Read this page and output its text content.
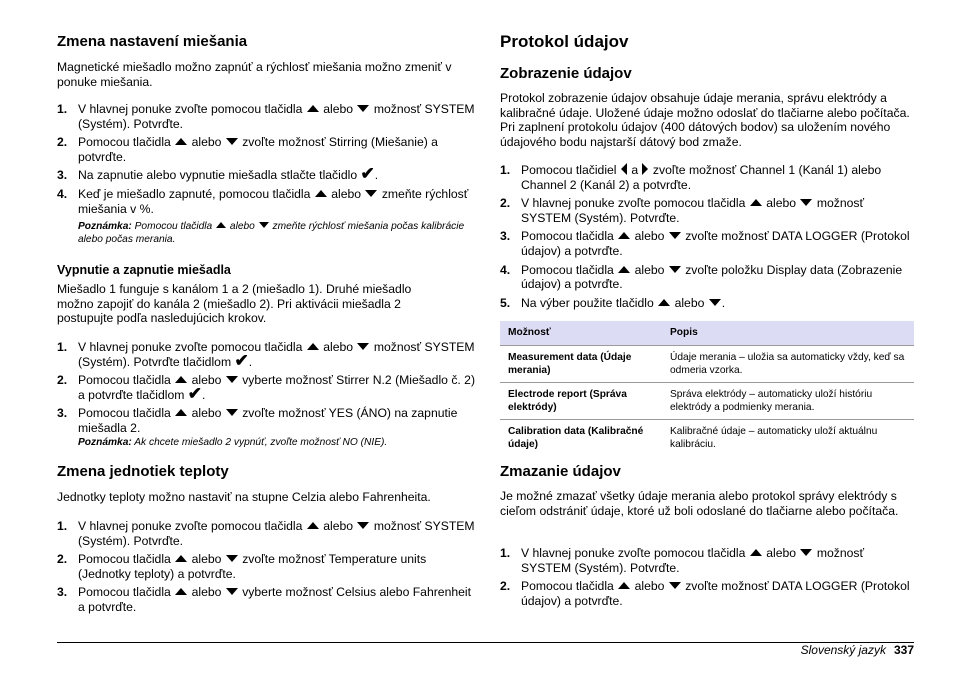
Zmena nastavení miešania

Magnetické miešadlo možno zapnúť a rýchlosť miešania možno zmeniť v ponuke miešania.

1. V hlavnej ponuke zvoľte pomocou tlačidla alebo možnosť SYSTEM (Systém). Potvrďte.
2. Pomocou tlačidla alebo zvoľte možnosť Stirring (Miešanie) a potvrďte.
3. Na zapnutie alebo vypnutie miešadla stlačte tlačidlo ✔.
4. Keď je miešadlo zapnuté, pomocou tlačidla alebo zmeňte rýchlosť miešania v %.
Poznámka: Pomocou tlačidla alebo zmeňte rýchlosť miešania počas kalibrácie alebo počas merania.
Vypnutie a zapnutie miešadla

Miešadlo 1 funguje s kanálom 1 a 2 (miešadlo 1). Druhé miešadlo možno zapojiť do kanála 2 (miešadlo 2). Pri aktivácii miešadla 2 postupujte podľa nasledujúcich krokov.

1. V hlavnej ponuke zvoľte pomocou tlačidla alebo možnosť SYSTEM (Systém). Potvrďte tlačidlom ✔.
2. Pomocou tlačidla alebo vyberte možnosť Stirrer N.2 (Miešadlo č. 2) a potvrďte tlačidlom ✔.
3. Pomocou tlačidla alebo zvoľte možnosť YES (ÁNO) na zapnutie miešadla 2.
Poznámka: Ak chcete miešadlo 2 vypnúť, zvoľte možnosť NO (NIE).
Zmena jednotiek teploty

Jednotky teploty možno nastaviť na stupne Celzia alebo Fahrenheita.

1. V hlavnej ponuke zvoľte pomocou tlačidla alebo možnosť SYSTEM (Systém). Potvrďte.
2. Pomocou tlačidla alebo zvoľte možnosť Temperature units (Jednotky teploty) a potvrďte.
3. Pomocou tlačidla alebo vyberte možnosť Celsius alebo Fahrenheit a potvrďte.
Protokol údajov
Zobrazenie údajov

Protokol zobrazenie údajov obsahuje údaje merania, správu elektródy a kalibračné údaje. Uložené údaje možno odoslať do tlačiarne alebo počítača. Pri zaplnení protokolu údajov (400 dátových bodov) sa uložením nového údajového bodu najstarší dátový bod zmaže.

1. Pomocou tlačidiel a zvoľte možnosť Channel 1 (Kanál 1) alebo Channel 2 (Kanál 2) a potvrďte.
2. V hlavnej ponuke zvoľte pomocou tlačidla alebo možnosť SYSTEM (Systém). Potvrďte.
3. Pomocou tlačidla alebo zvoľte možnosť DATA LOGGER (Protokol údajov) a potvrďte.
4. Pomocou tlačidla alebo zvoľte položku Display data (Zobrazenie údajov) a potvrďte.
5. Na výber použite tlačidlo alebo .
Možnosť	Popis
Measurement data (Údaje merania)	Údaje merania – uložia sa automaticky vždy, keď sa odmeria vzorka.
Electrode report (Správa elektródy)	Správa elektródy – automaticky uloží históriu elektródy a podmienky merania.
Calibration data (Kalibračné údaje)	Kalibračné údaje – automaticky uloží aktuálnu kalibráciu.
Zmazanie údajov

Je možné zmazať všetky údaje merania alebo protokol správy elektródy s cieľom odstrániť údaje, ktoré už boli odoslané do tlačiarne alebo počítača.

1. V hlavnej ponuke zvoľte pomocou tlačidla alebo možnosť SYSTEM (Systém). Potvrďte.
2. Pomocou tlačidla alebo zvoľte možnosť DATA LOGGER (Protokol údajov) a potvrďte.
Slovenský jazyk 337
